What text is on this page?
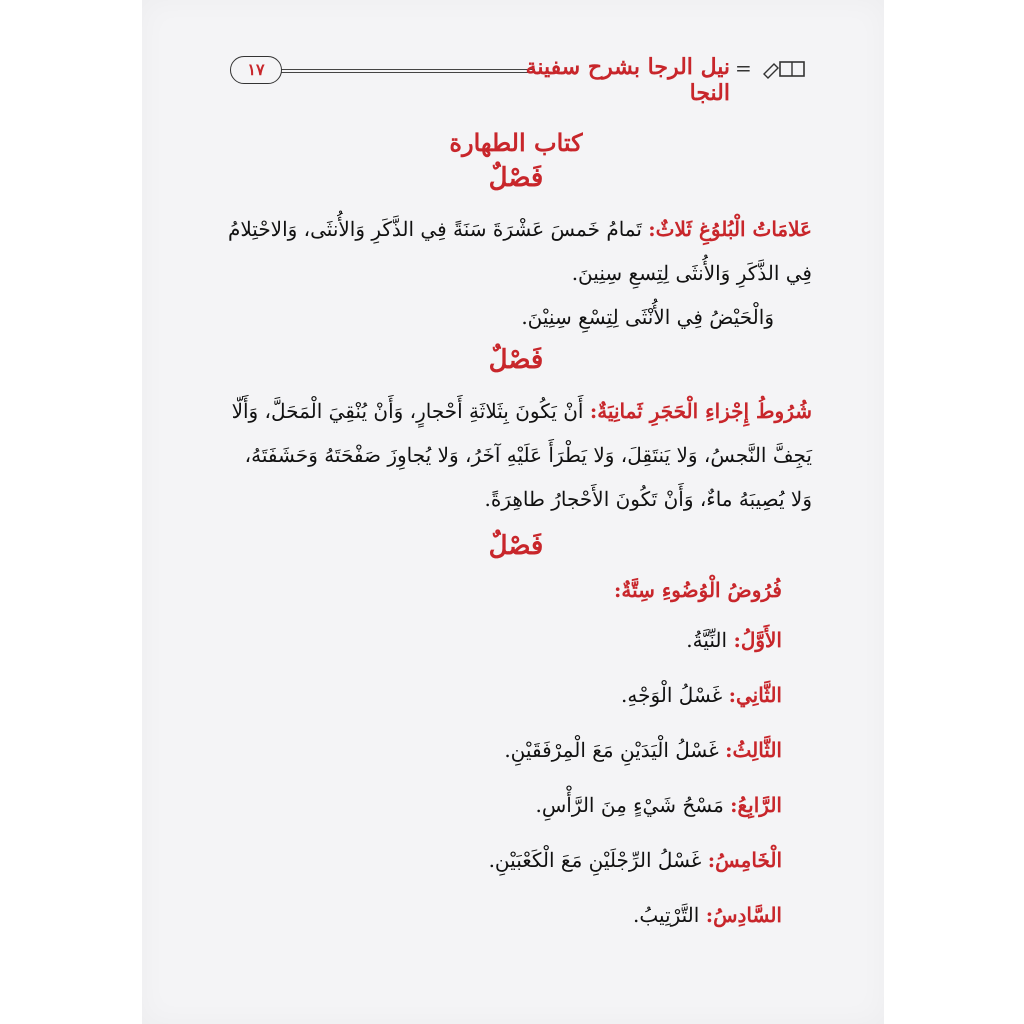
١٧	نيل الرجا بشرح سفينة النجا
=
كتاب الطهارة
فَصْلٌ

عَلامَاتُ الْبُلوُغِ ثَلاثٌ: تَمامُ خَمسَ عَشْرَةَ سَنَةً فِي الذَّكَرِ وَالأُنثَى، وَالاحْتِلامُ فِي الذَّكَرِ وَالأُنثَى لِتِسعِ سِنِينَ.

وَالْحَيْضُ فِي الأُنْثَى لِتِسْعِ سِنِيْنَ.

فَصْلٌ

شُرُوطُ إِجْزاءِ الْحَجَرِ ثَمانِيَةٌ: أَنْ يَكُونَ بِثَلاثَةِ أَحْجارٍ، وَأَنْ يُنْقِيَ الْمَحَلَّ، وَأَلّا يَجِفَّ النَّجسُ، وَلا يَنتَقِلَ، وَلا يَطْرَأَ عَلَيْهِ آخَرُ، وَلا يُجاوِزَ صَفْحَتَهُ وَحَشَفَتَهُ، وَلا يُصِيبَهُ ماءٌ، وَأَنْ تَكُونَ الأَحْجارُ طاهِرَةً.

فَصْلٌ

فُرُوضُ الْوُضُوءِ سِتَّةٌ:

الأَوَّلُ: النِّيَّةُ.
الثَّانِي: غَسْلُ الْوَجْهِ.
الثَّالِثُ: غَسْلُ الْيَدَيْنِ مَعَ الْمِرْفَقَيْنِ.
الرَّابِعُ: مَسْحُ شَيْءٍ مِنَ الرَّأْسِ.
الْخَامِسُ: غَسْلُ الرِّجْلَيْنِ مَعَ الْكَعْبَيْنِ.
السَّادِسُ: التَّرْتِيبُ.
